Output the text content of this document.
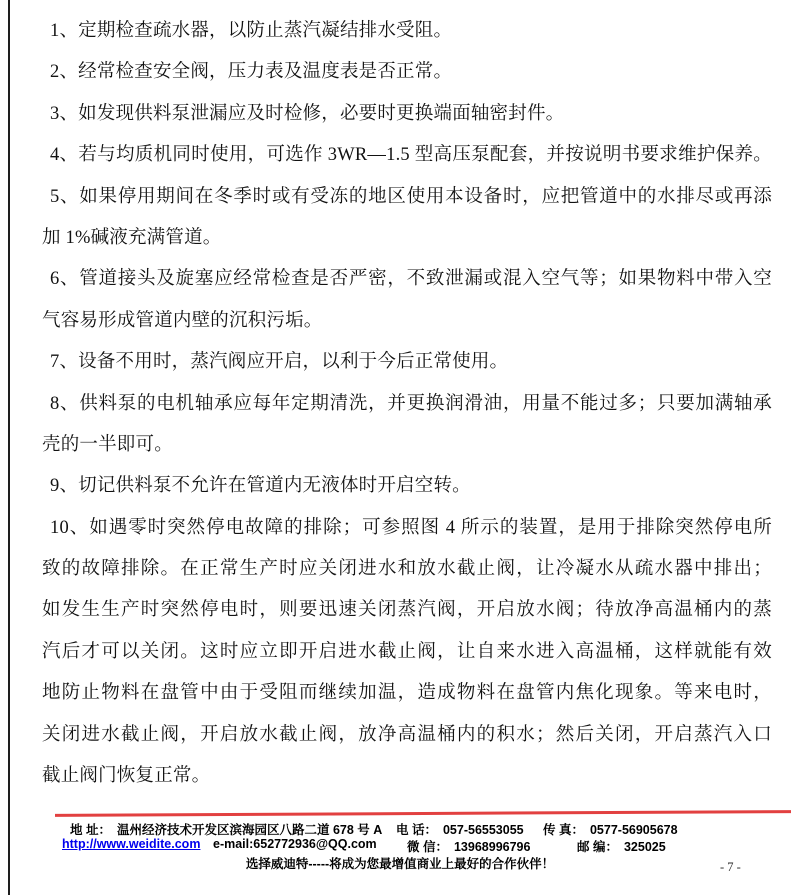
1、定期检查疏水器，以防止蒸汽凝结排水受阻。
2、经常检查安全阀，压力表及温度表是否正常。
3、如发现供料泵泄漏应及时检修，必要时更换端面轴密封件。
4、若与均质机同时使用，可选作 3WR—1.5 型高压泵配套，并按说明书要求维护保养。
5、如果停用期间在冬季时或有受冻的地区使用本设备时，应把管道中的水排尽或再添
加 1%碱液充满管道。
6、管道接头及旋塞应经常检查是否严密，不致泄漏或混入空气等；如果物料中带入空
气容易形成管道内壁的沉积污垢。
7、设备不用时，蒸汽阀应开启，以利于今后正常使用。
8、供料泵的电机轴承应每年定期清洗，并更换润滑油，用量不能过多；只要加满轴承
壳的一半即可。
9、切记供料泵不允许在管道内无液体时开启空转。
10、如遇零时突然停电故障的排除；可参照图 4 所示的装置，是用于排除突然停电所
致的故障排除。在正常生产时应关闭进水和放水截止阀，让冷凝水从疏水器中排出；
如发生生产时突然停电时，则要迅速关闭蒸汽阀，开启放水阀；待放净高温桶内的蒸
汽后才可以关闭。这时应立即开启进水截止阀，让自来水进入高温桶，这样就能有效
地防止物料在盘管中由于受阻而继续加温，造成物料在盘管内焦化现象。等来电时，
关闭进水截止阀，开启放水截止阀，放净高温桶内的积水；然后关闭，开启蒸汽入口
截止阀门恢复正常。
地 址： 温州经济技术开发区滨海园区八路二道 678 号 A 电 话： 057-56553055 传 真： 0577-56905678
http://www.weidite.com e-mail:652772936@QQ.com 微 信： 13968996796	邮 编： 325025
选择威迪特-----将成为您最增值商业上最好的合作伙伴！	- 7 -
